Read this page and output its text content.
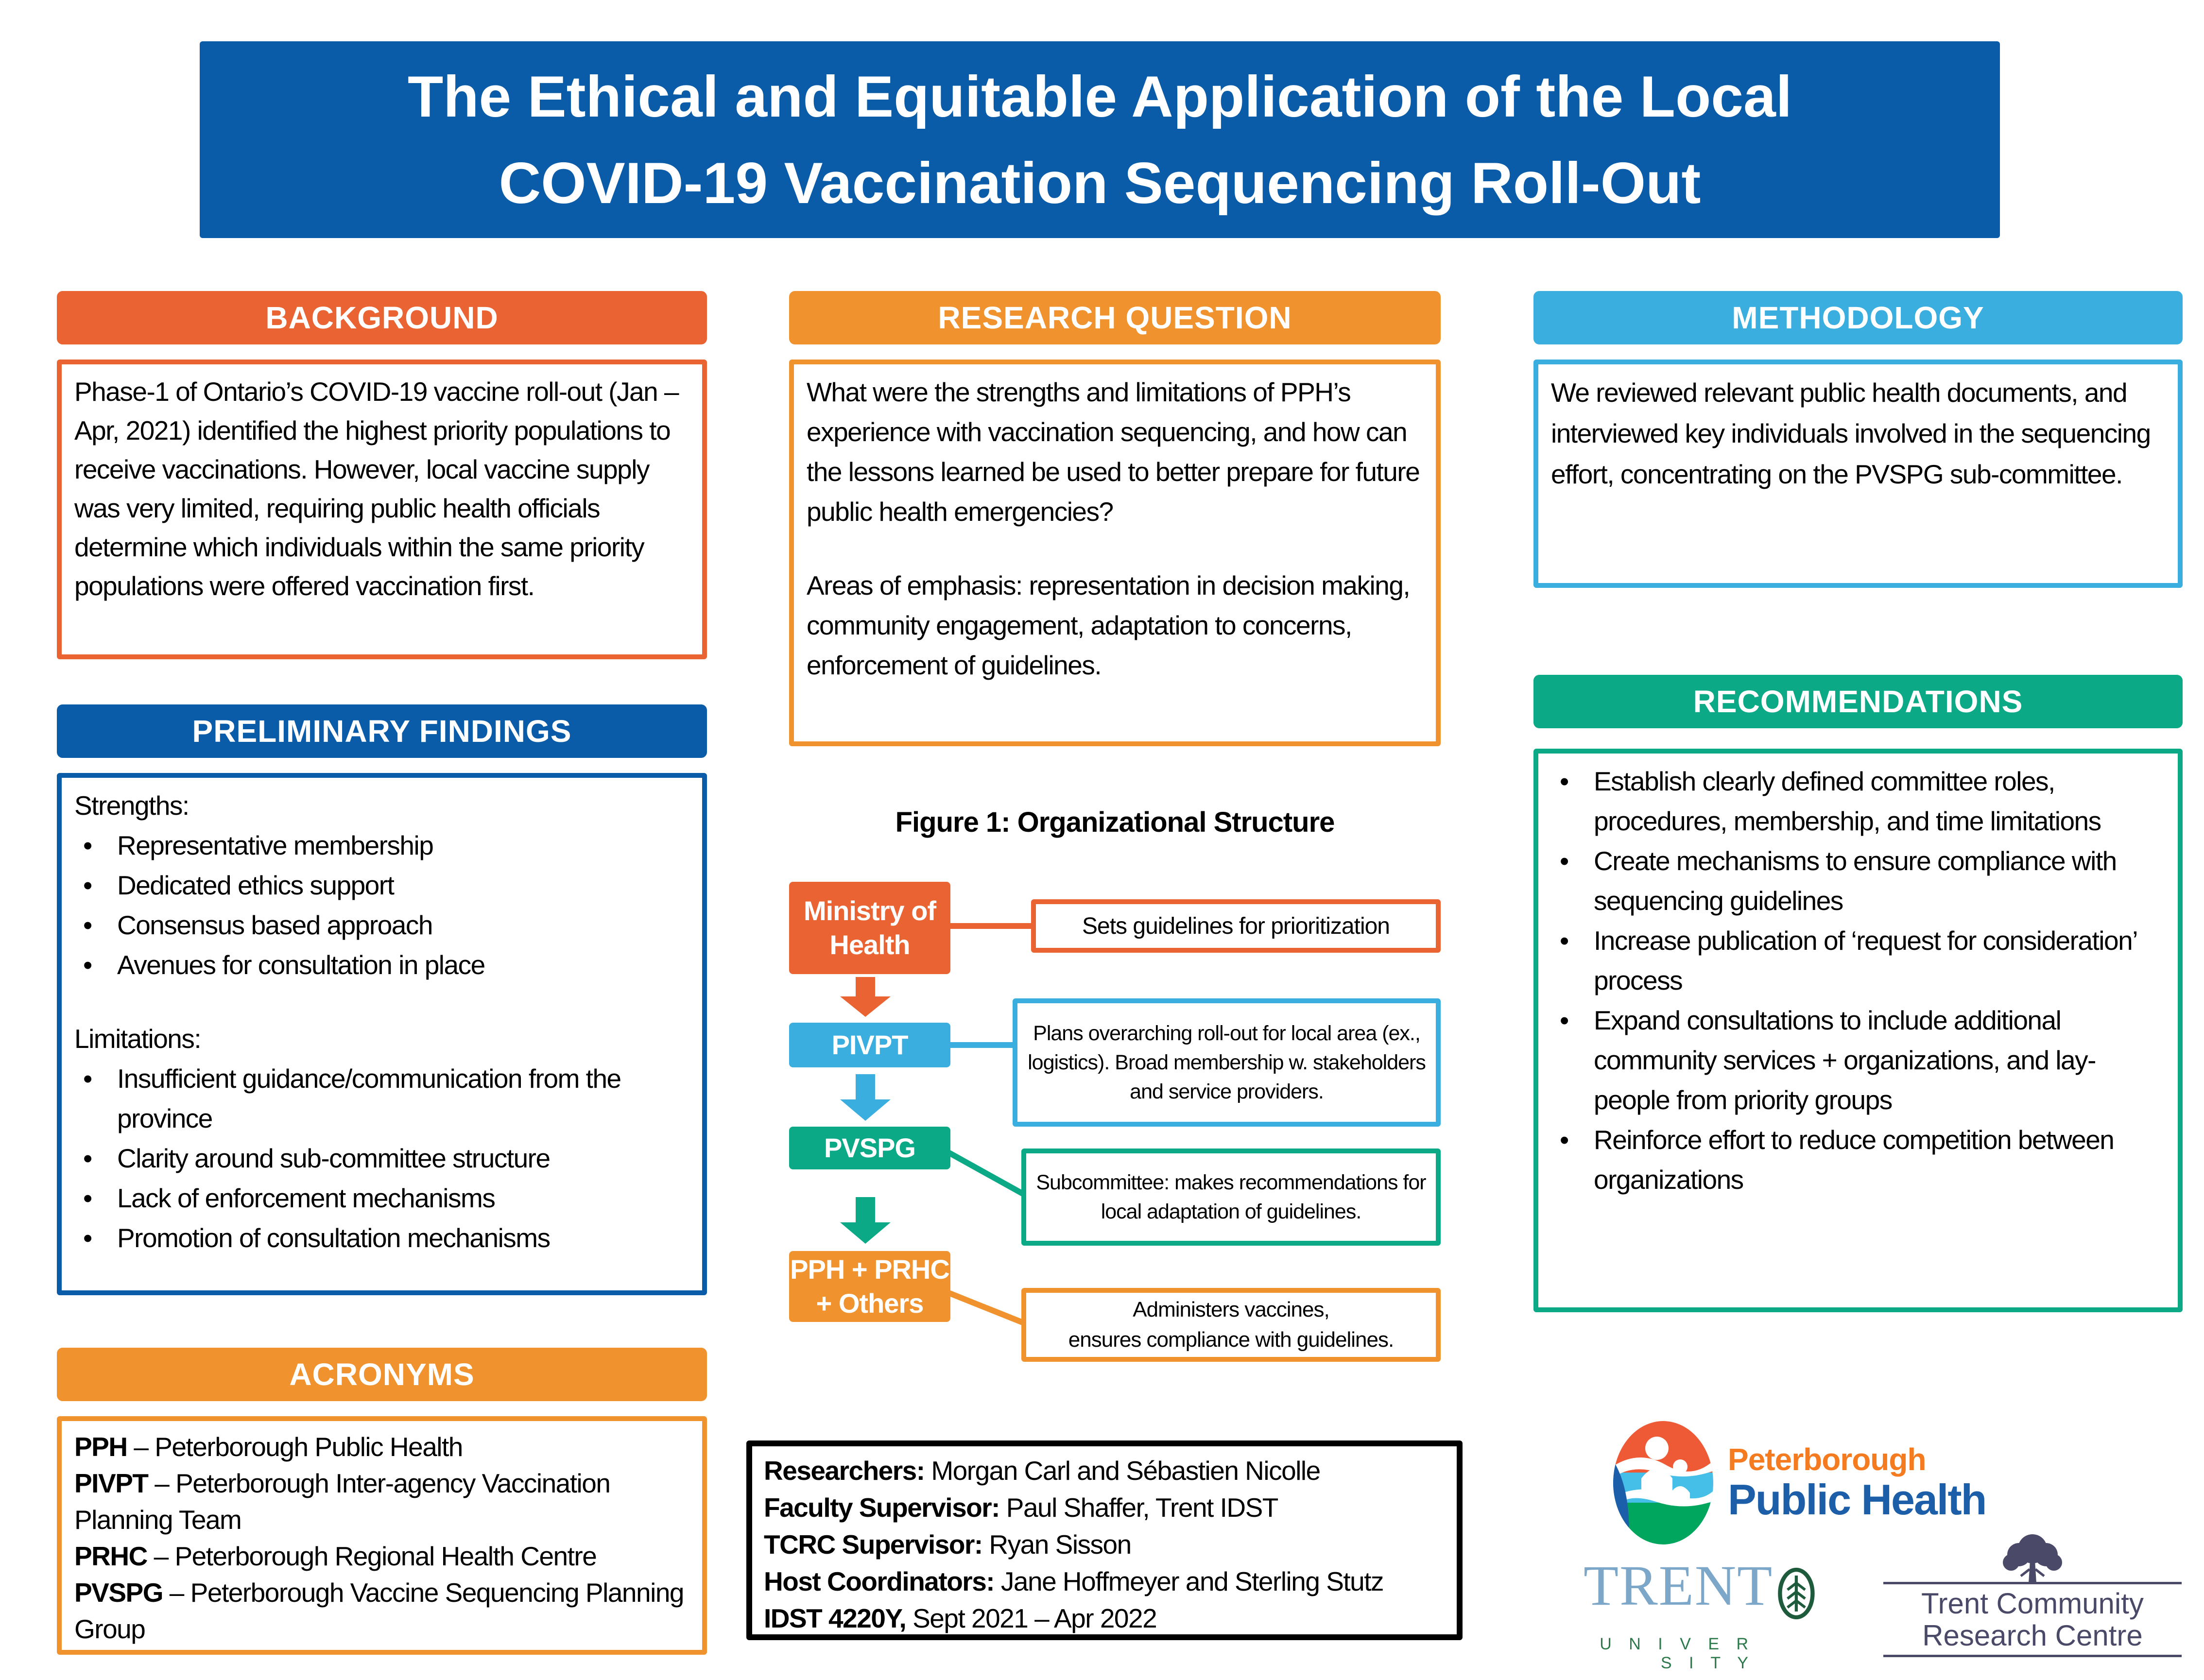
The Ethical and Equitable Application of the Local
COVID-19 Vaccination Sequencing Roll-Out
BACKGROUND
Phase-1 of Ontario’s COVID-19 vaccine roll-out (Jan – Apr, 2021) identified the highest priority populations to receive vaccinations. However, local vaccine supply was very limited, requiring public health officials determine which individuals within the same priority populations were offered vaccination first.
PRELIMINARY FINDINGS
Strengths:
• Representative membership
• Dedicated ethics support
• Consensus based approach
• Avenues for consultation in place
Limitations:
• Insufficient guidance/communication from the province
• Clarity around sub-committee structure
• Lack of enforcement mechanisms
• Promotion of consultation mechanisms
ACRONYMS
PPH – Peterborough Public Health
PIVPT – Peterborough Inter-agency Vaccination Planning Team
PRHC – Peterborough Regional Health Centre
PVSPG – Peterborough Vaccine Sequencing Planning Group
RESEARCH QUESTION

What were the strengths and limitations of PPH’s experience with vaccination sequencing, and how can the lessons learned be used to better prepare for future public health emergencies?

Areas of emphasis: representation in decision making, community engagement, adaptation to concerns, enforcement of guidelines.

Figure 1: Organizational Structure
Ministry of
Health
Sets guidelines for prioritization
PIVPT	Plans overarching roll-out for local area (ex., logistics). Broad membership w. stakeholders and service providers.
PVSPG
Subcommittee: makes recommendations for local adaptation of guidelines.
PPH + PRHC
+ Others	Administers vaccines,
ensures compliance with guidelines.
Researchers: Morgan Carl and Sébastien Nicolle
Faculty Supervisor: Paul Shaffer, Trent IDST
TCRC Supervisor: Ryan Sisson
Host Coordinators: Jane Hoffmeyer and Sterling Stutz
IDST 4220Y, Sept 2021 – Apr 2022
METHODOLOGY
We reviewed relevant public health documents, and interviewed key individuals involved in the sequencing effort, concentrating on the PVSPG sub-committee.
RECOMMENDATIONS
• Establish clearly defined committee roles, procedures, membership, and time limitations
• Create mechanisms to ensure compliance with sequencing guidelines
• Increase publication of ‘request for consideration’ process
• Expand consultations to include additional community services + organizations, and lay-people from priority groups
• Reinforce effort to reduce competition between organizations
Peterborough
Public Health
TRENT
U N I V E R S I T Y
Trent Community
Research Centre
